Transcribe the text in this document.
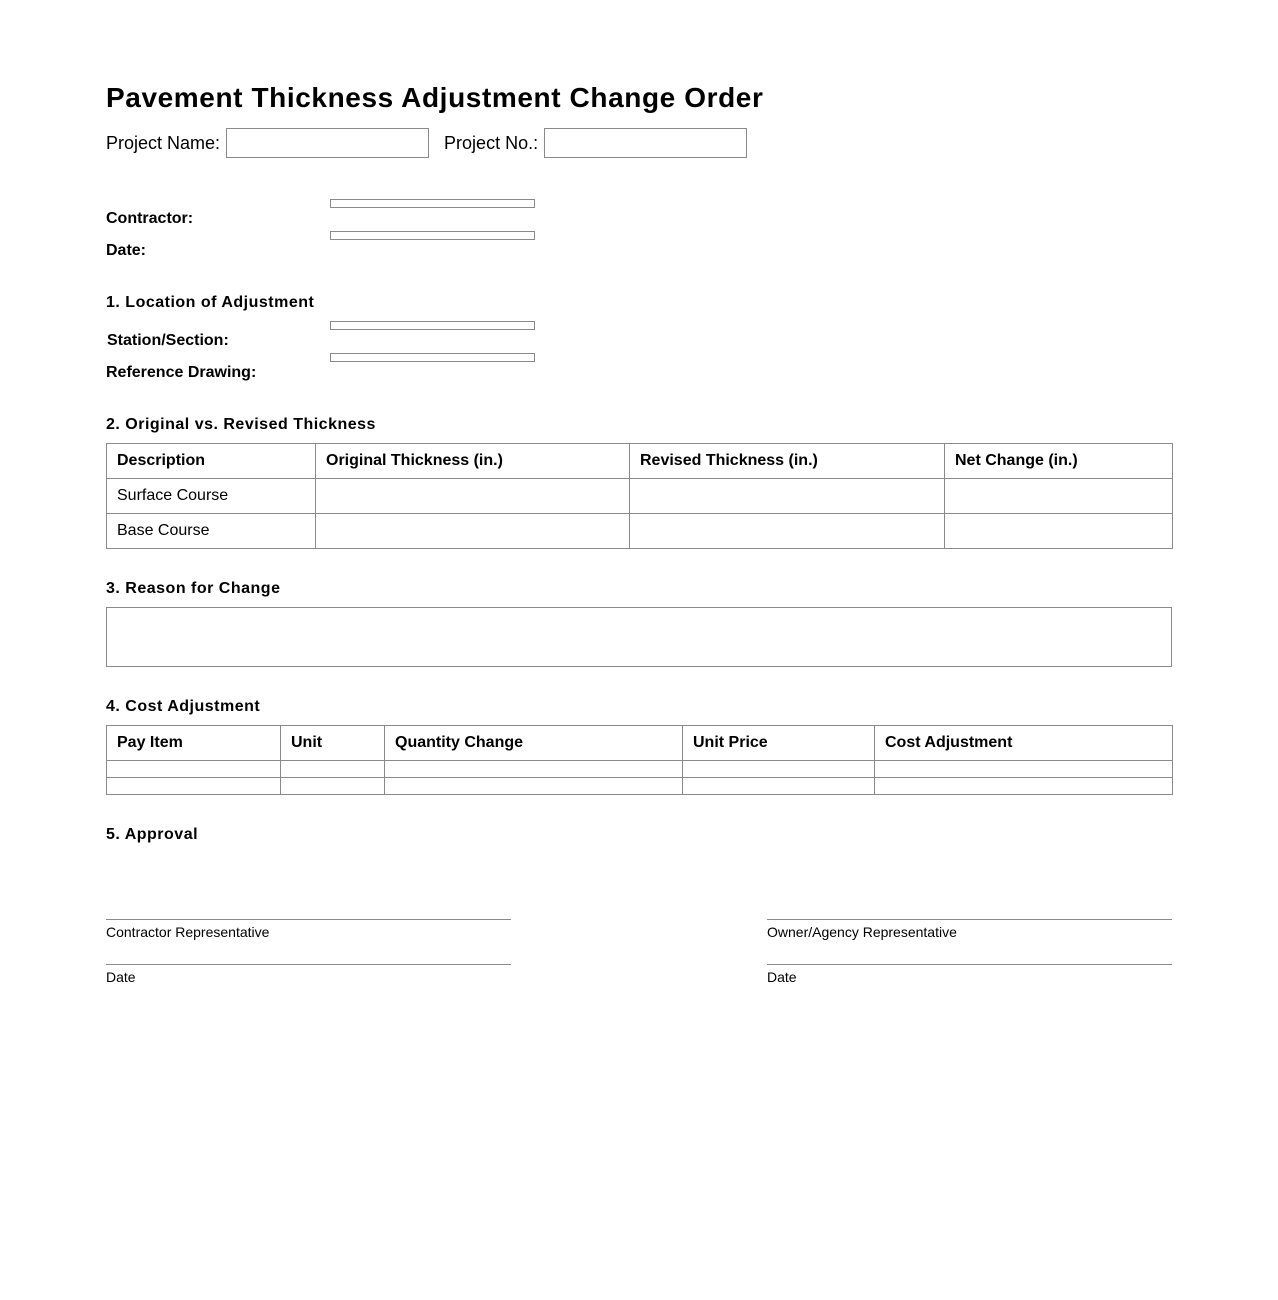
Pavement Thickness Adjustment Change Order
Project Name:	Project No.:
Contractor:
Date:
1. Location of Adjustment
Station/Section:
Reference Drawing:
2. Original vs. Revised Thickness
Description	Original Thickness (in.)	Revised Thickness (in.)	Net Change (in.)
Surface Course			
Base Course			
3. Reason for Change
4. Cost Adjustment
Pay Item	Unit	Quantity Change	Unit Price	Cost Adjustment

5. Approval
Contractor Representative
Date
Owner/Agency Representative
Date
